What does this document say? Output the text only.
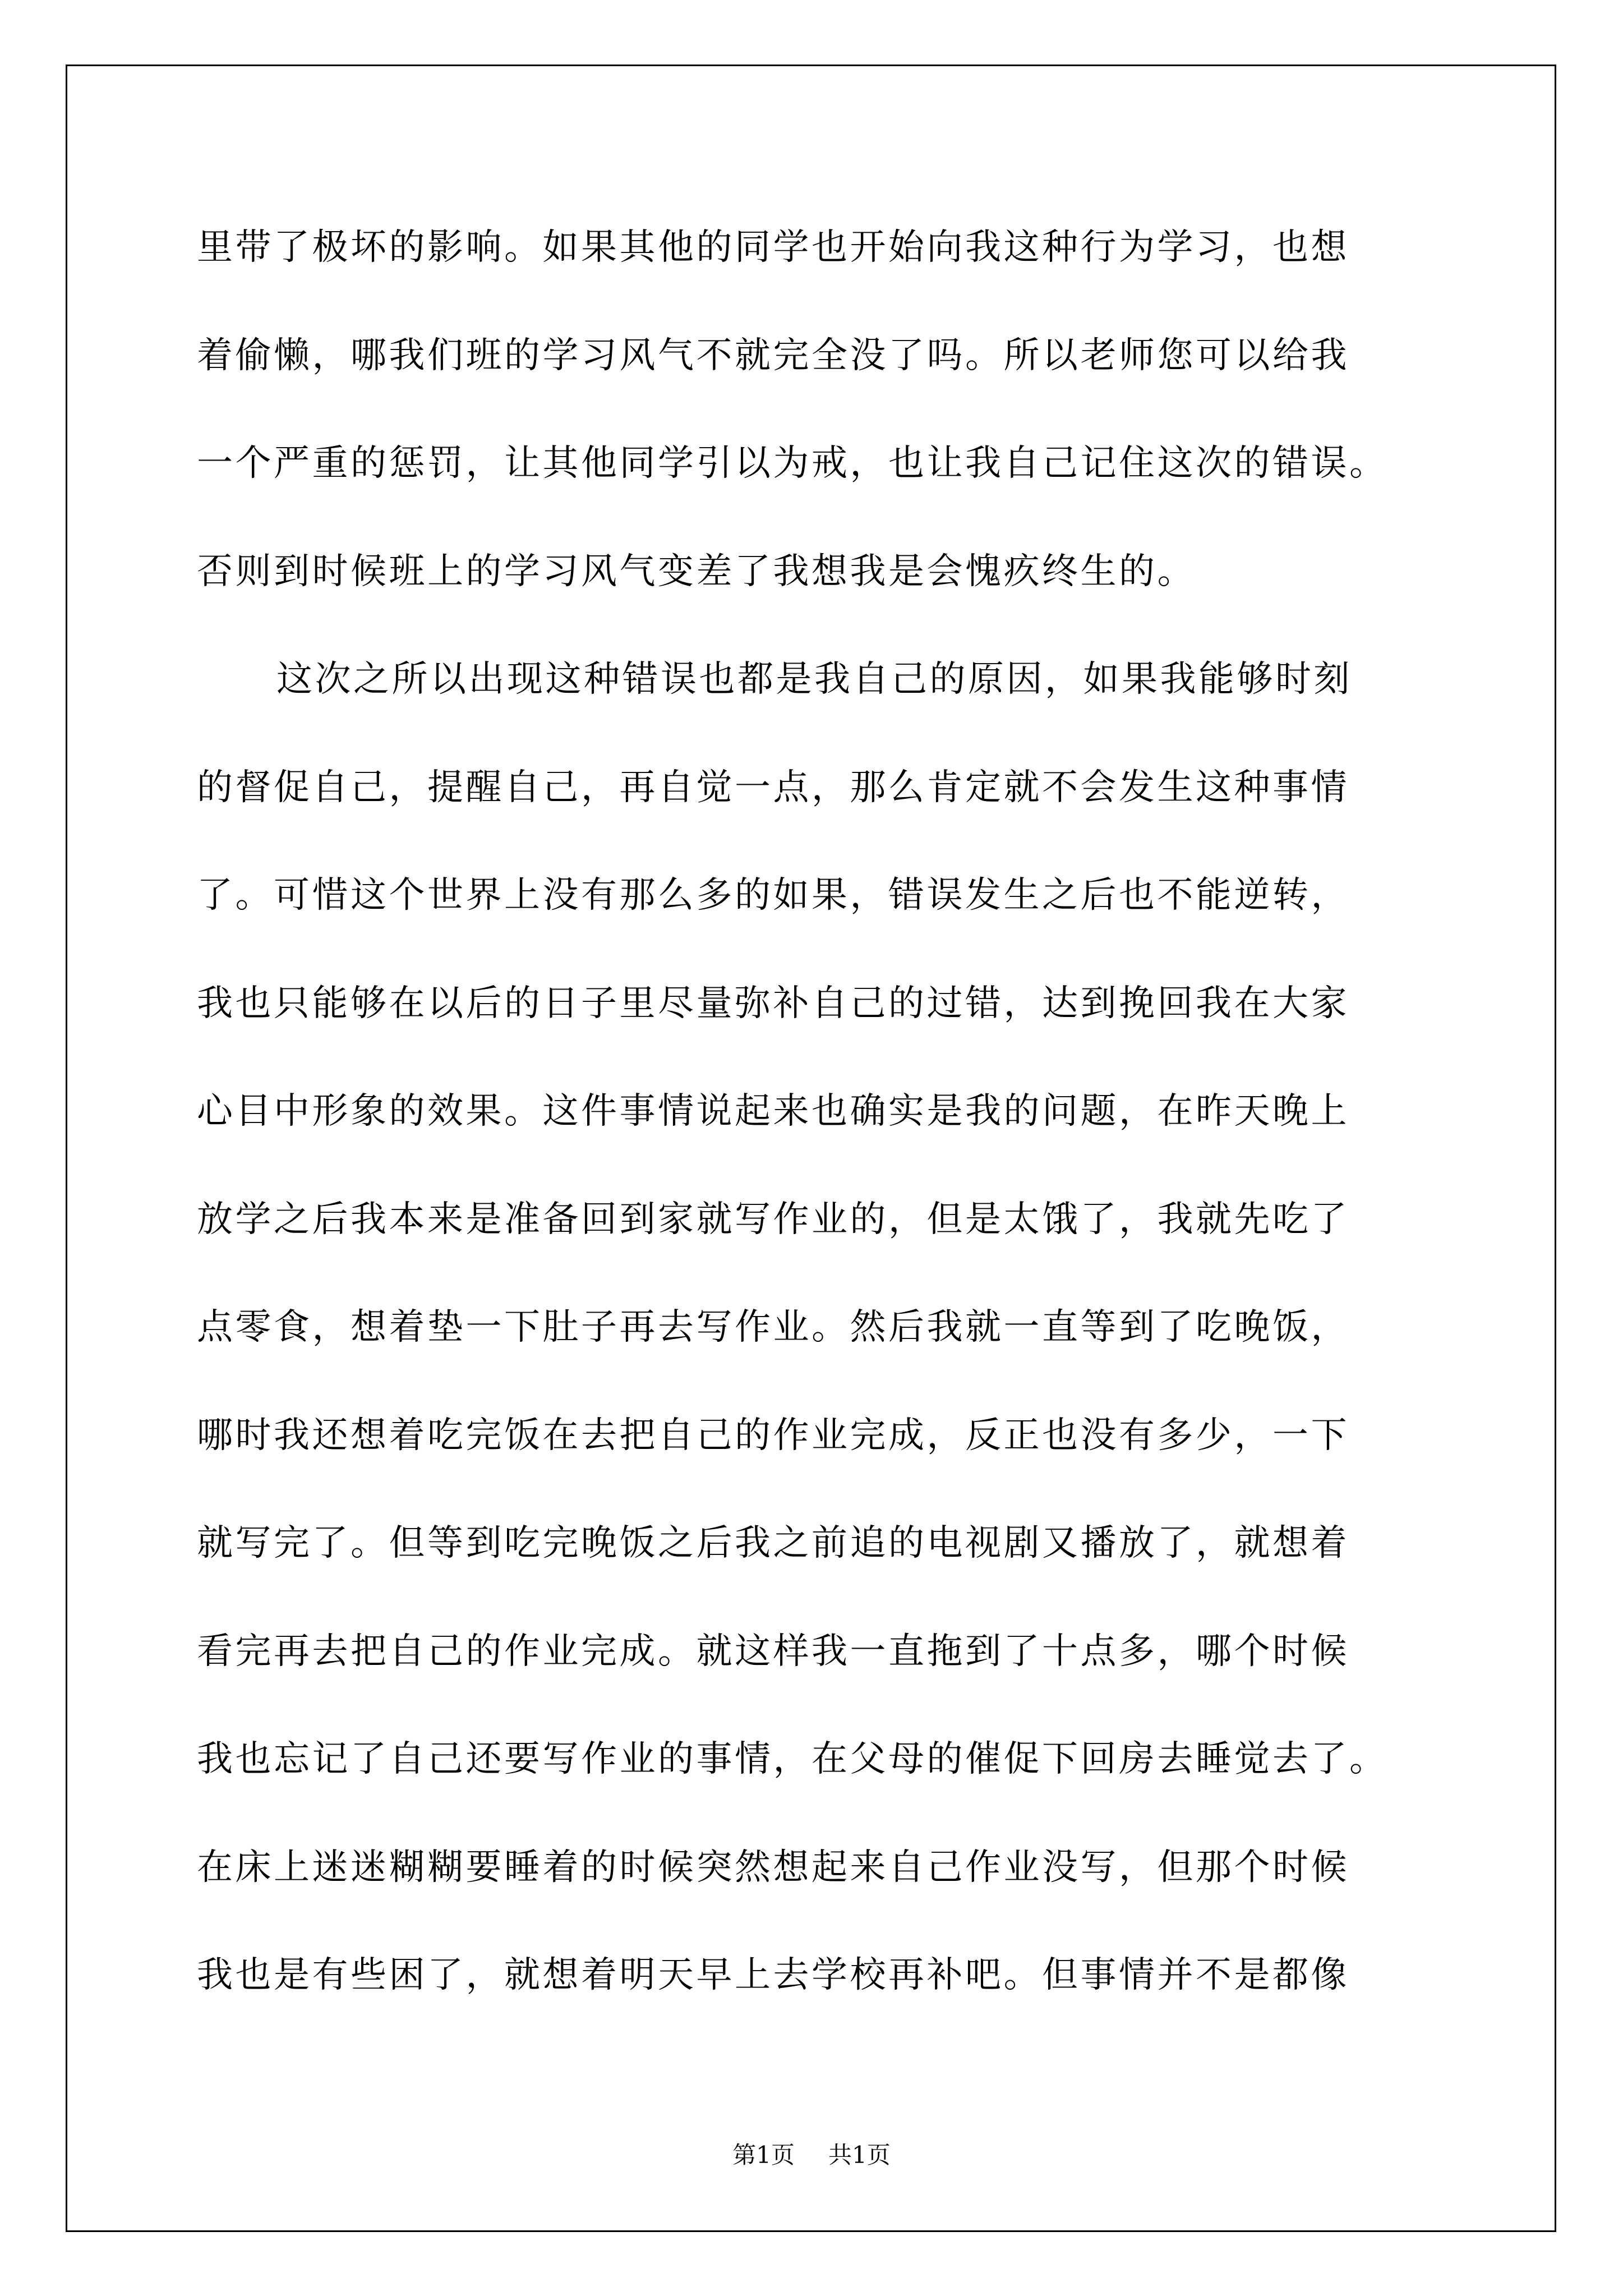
里带了极坏的影响。如果其他的同学也开始向我这种行为学习，也想
着偷懒，哪我们班的学习风气不就完全没了吗。所以老师您可以给我
一个严重的惩罚，让其他同学引以为戒，也让我自己记住这次的错误。
否则到时候班上的学习风气变差了我想我是会愧疚终生的。
这次之所以出现这种错误也都是我自己的原因，如果我能够时刻
的督促自己，提醒自己，再自觉一点，那么肯定就不会发生这种事情
了。可惜这个世界上没有那么多的如果，错误发生之后也不能逆转，
我也只能够在以后的日子里尽量弥补自己的过错，达到挽回我在大家
心目中形象的效果。这件事情说起来也确实是我的问题，在昨天晚上
放学之后我本来是准备回到家就写作业的，但是太饿了，我就先吃了
点零食，想着垫一下肚子再去写作业。然后我就一直等到了吃晚饭，
哪时我还想着吃完饭在去把自己的作业完成，反正也没有多少，一下
就写完了。但等到吃完晚饭之后我之前追的电视剧又播放了，就想着
看完再去把自己的作业完成。就这样我一直拖到了十点多，哪个时候
我也忘记了自己还要写作业的事情，在父母的催促下回房去睡觉去了。
在床上迷迷糊糊要睡着的时候突然想起来自己作业没写，但那个时候
我也是有些困了，就想着明天早上去学校再补吧。但事情并不是都像
第1页 共1页
